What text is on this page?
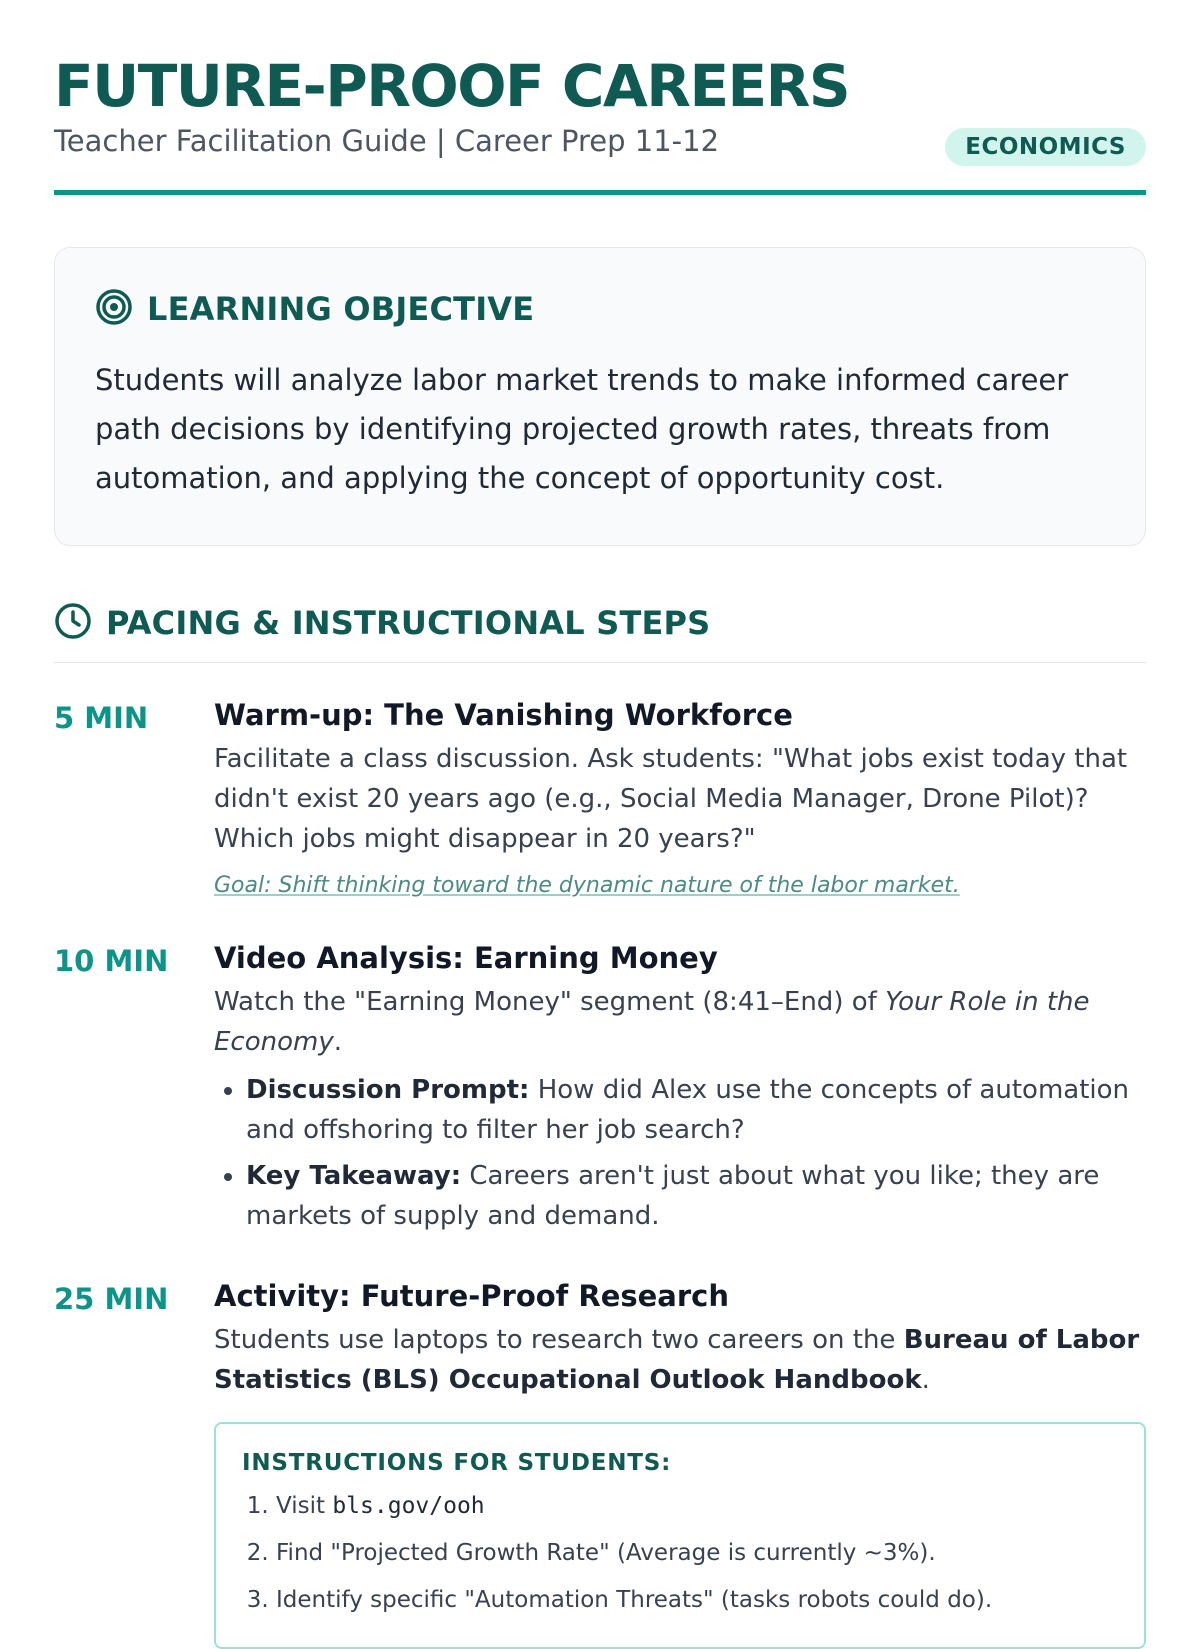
FUTURE-PROOF CAREERS
Teacher Facilitation Guide | Career Prep 11-12	ECONOMICS
LEARNING OBJECTIVE

Students will analyze labor market trends to make informed career path decisions by identifying projected growth rates, threats from automation, and applying the concept of opportunity cost.

PACING & INSTRUCTIONAL STEPS
5 MIN	Warm-up: The Vanishing Workforce

Facilitate a class discussion. Ask students: "What jobs exist today that didn't exist 20 years ago (e.g., Social Media Manager, Drone Pilot)? Which jobs might disappear in 20 years?"

Goal: Shift thinking toward the dynamic nature of the labor market.
10 MIN	Video Analysis: Earning Money

Watch the "Earning Money" segment (8:41–End) of Your Role in the Economy.

• Discussion Prompt: How did Alex use the concepts of automation and offshoring to filter her job search?
• Key Takeaway: Careers aren't just about what you like; they are markets of supply and demand.
25 MIN	Activity: Future-Proof Research

Students use laptops to research two careers on the Bureau of Labor Statistics (BLS) Occupational Outlook Handbook.

INSTRUCTIONS FOR STUDENTS:
1. Visit bls.gov/ooh
2. Find "Projected Growth Rate" (Average is currently ~3%).
3. Identify specific "Automation Threats" (tasks robots could do).
